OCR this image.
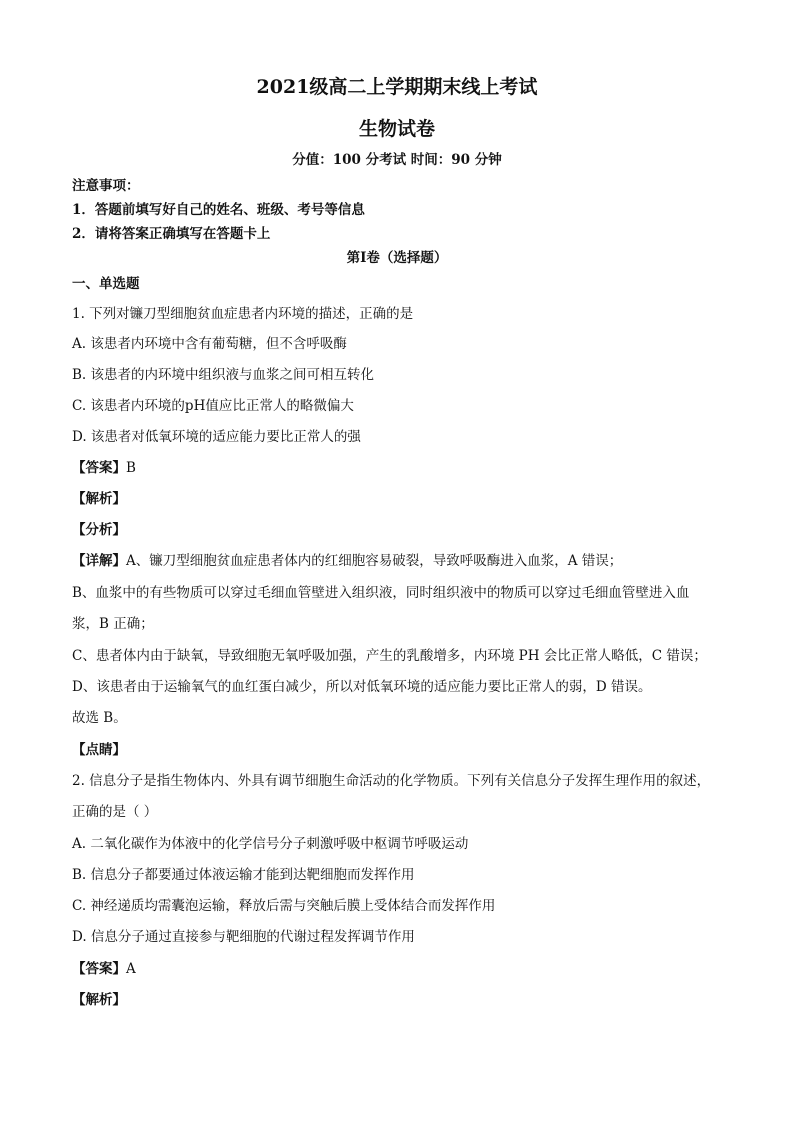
2021级高二上学期期末线上考试
生物试卷
分值：100 分考试 时间：90 分钟
注意事项：
1．答题前填写好自己的姓名、班级、考号等信息
2．请将答案正确填写在答题卡上
第Ⅰ卷（选择题）
一、单选题
1. 下列对镰刀型细胞贫血症患者内环境的描述，正确的是
A. 该患者内环境中含有葡萄糖，但不含呼吸酶
B. 该患者的内环境中组织液与血浆之间可相互转化
C. 该患者内环境的pH值应比正常人的略微偏大
D. 该患者对低氧环境的适应能力要比正常人的强
【答案】B
【解析】
【分析】
【详解】A、镰刀型细胞贫血症患者体内的红细胞容易破裂，导致呼吸酶进入血浆，A 错误；
B、血浆中的有些物质可以穿过毛细血管壁进入组织液，同时组织液中的物质可以穿过毛细血管壁进入血
浆，B 正确；
C、患者体内由于缺氧，导致细胞无氧呼吸加强，产生的乳酸增多，内环境 PH 会比正常人略低，C 错误；
D、该患者由于运输氧气的血红蛋白减少，所以对低氧环境的适应能力要比正常人的弱，D 错误。
故选 B。
【点睛】
2. 信息分子是指生物体内、外具有调节细胞生命活动的化学物质。下列有关信息分子发挥生理作用的叙述，
正确的是（ ）
A. 二氧化碳作为体液中的化学信号分子刺激呼吸中枢调节呼吸运动
B. 信息分子都要通过体液运输才能到达靶细胞而发挥作用
C. 神经递质均需囊泡运输，释放后需与突触后膜上受体结合而发挥作用
D. 信息分子通过直接参与靶细胞的代谢过程发挥调节作用
【答案】A
【解析】
